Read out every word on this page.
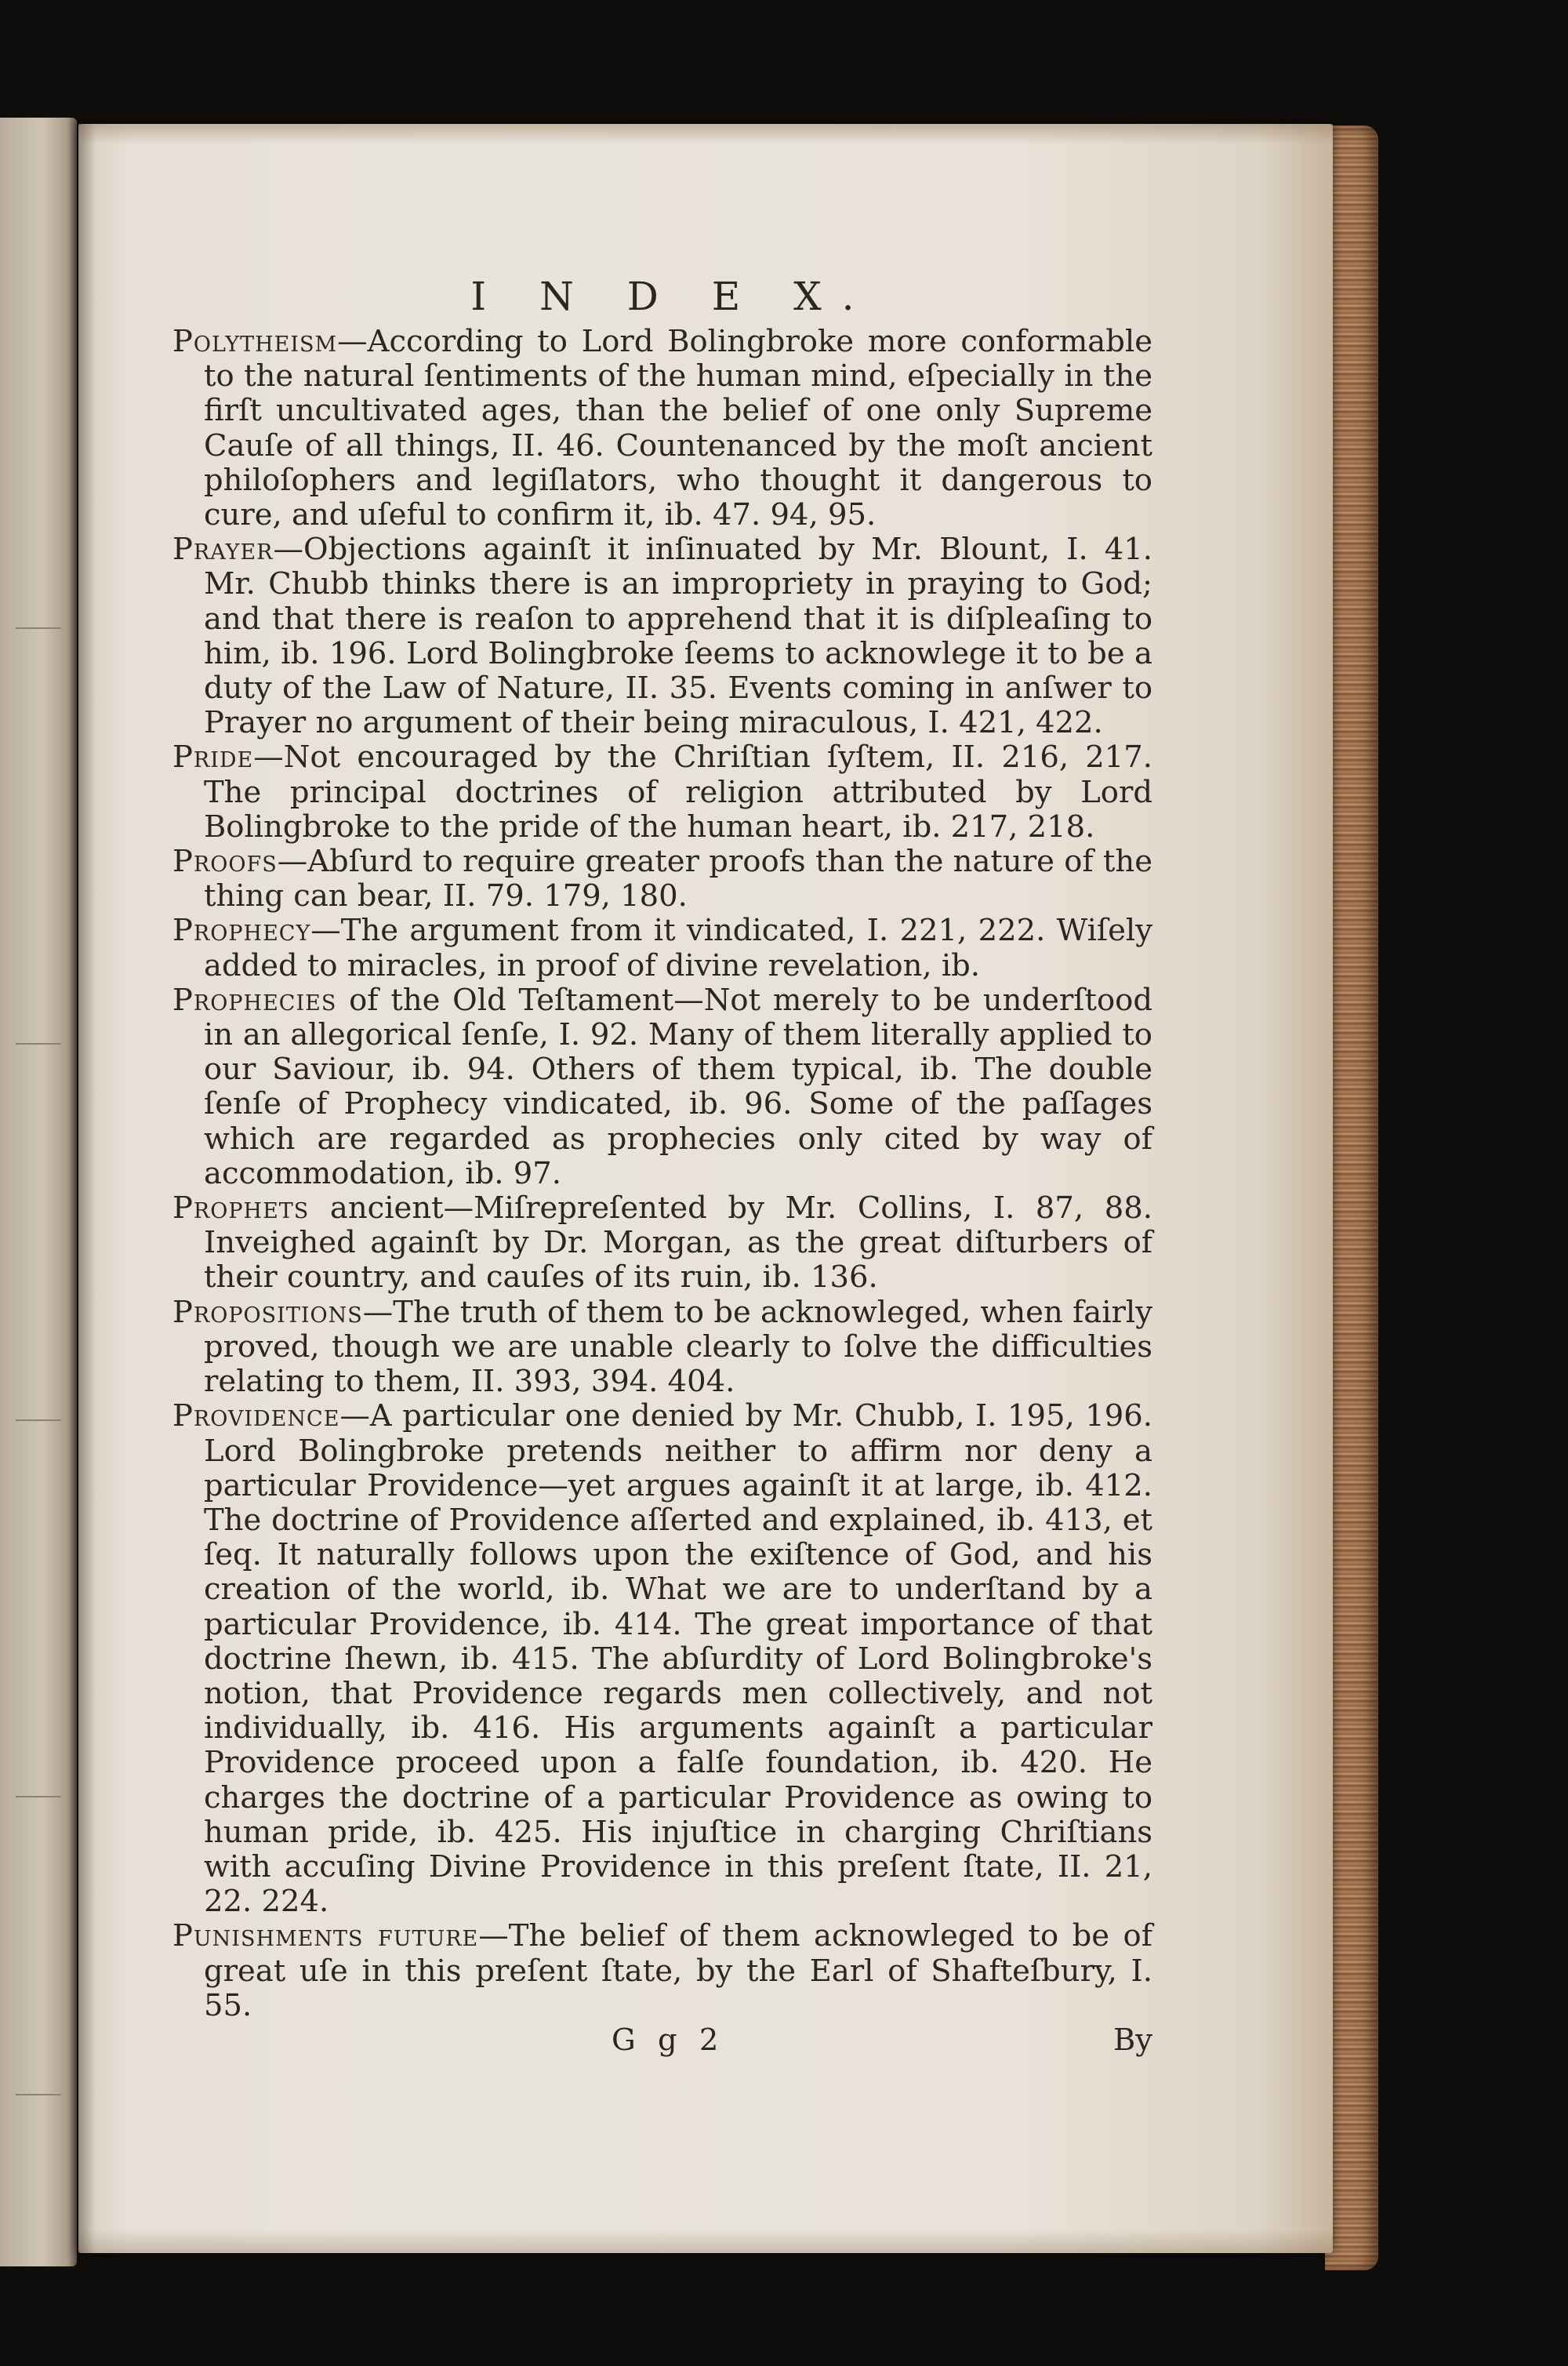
I N D E X.

Polytheism—According to Lord Bolingbroke more conformable to the natural ſentiments of the human mind, eſpecially in the firſt uncultivated ages, than the belief of one only Supreme Cauſe of all things, II. 46. Countenanced by the moſt ancient philoſophers and legiſlators, who thought it dangerous to cure, and uſeful to confirm it, ib. 47. 94, 95.

Prayer—Objections againſt it inſinuated by Mr. Blount, I. 41. Mr. Chubb thinks there is an impropriety in praying to God; and that there is reaſon to apprehend that it is diſpleaſing to him, ib. 196. Lord Bolingbroke ſeems to acknowlege it to be a duty of the Law of Nature, II. 35. Events coming in anſwer to Prayer no argument of their being miraculous, I. 421, 422.

Pride—Not encouraged by the Chriſtian ſyſtem, II. 216, 217. The principal doctrines of religion attributed by Lord Bolingbroke to the pride of the human heart, ib. 217, 218.

Proofs—Abſurd to require greater proofs than the nature of the thing can bear, II. 79. 179, 180.

Prophecy—The argument from it vindicated, I. 221, 222. Wiſely added to miracles, in proof of divine revelation, ib.

Prophecies of the Old Teſtament—Not merely to be underſtood in an allegorical ſenſe, I. 92. Many of them literally applied to our Saviour, ib. 94. Others of them typical, ib. The double ſenſe of Prophecy vindicated, ib. 96. Some of the paſſages which are regarded as prophecies only cited by way of accommodation, ib. 97.

Prophets ancient—Miſrepreſented by Mr. Collins, I. 87, 88. Inveighed againſt by Dr. Morgan, as the great diſturbers of their country, and cauſes of its ruin, ib. 136.

Propositions—The truth of them to be acknowleged, when fairly proved, though we are unable clearly to ſolve the difficulties relating to them, II. 393, 394. 404.

Providence—A particular one denied by Mr. Chubb, I. 195, 196. Lord Bolingbroke pretends neither to affirm nor deny a particular Providence—yet argues againſt it at large, ib. 412. The doctrine of Providence aſſerted and explained, ib. 413, et ſeq. It naturally follows upon the exiſtence of God, and his creation of the world, ib. What we are to underſtand by a particular Providence, ib. 414. The great importance of that doctrine ſhewn, ib. 415. The abſurdity of Lord Bolingbroke's notion, that Providence regards men collectively, and not individually, ib. 416. His arguments againſt a particular Providence proceed upon a falſe foundation, ib. 420. He charges the doctrine of a particular Providence as owing to human pride, ib. 425. His injuſtice in charging Chriſtians with accuſing Divine Providence in this preſent ſtate, II. 21, 22. 224.

Punishments future—The belief of them acknowleged to be of great uſe in this preſent ſtate, by the Earl of Shafteſbury, I. 55.

G g 2	By
